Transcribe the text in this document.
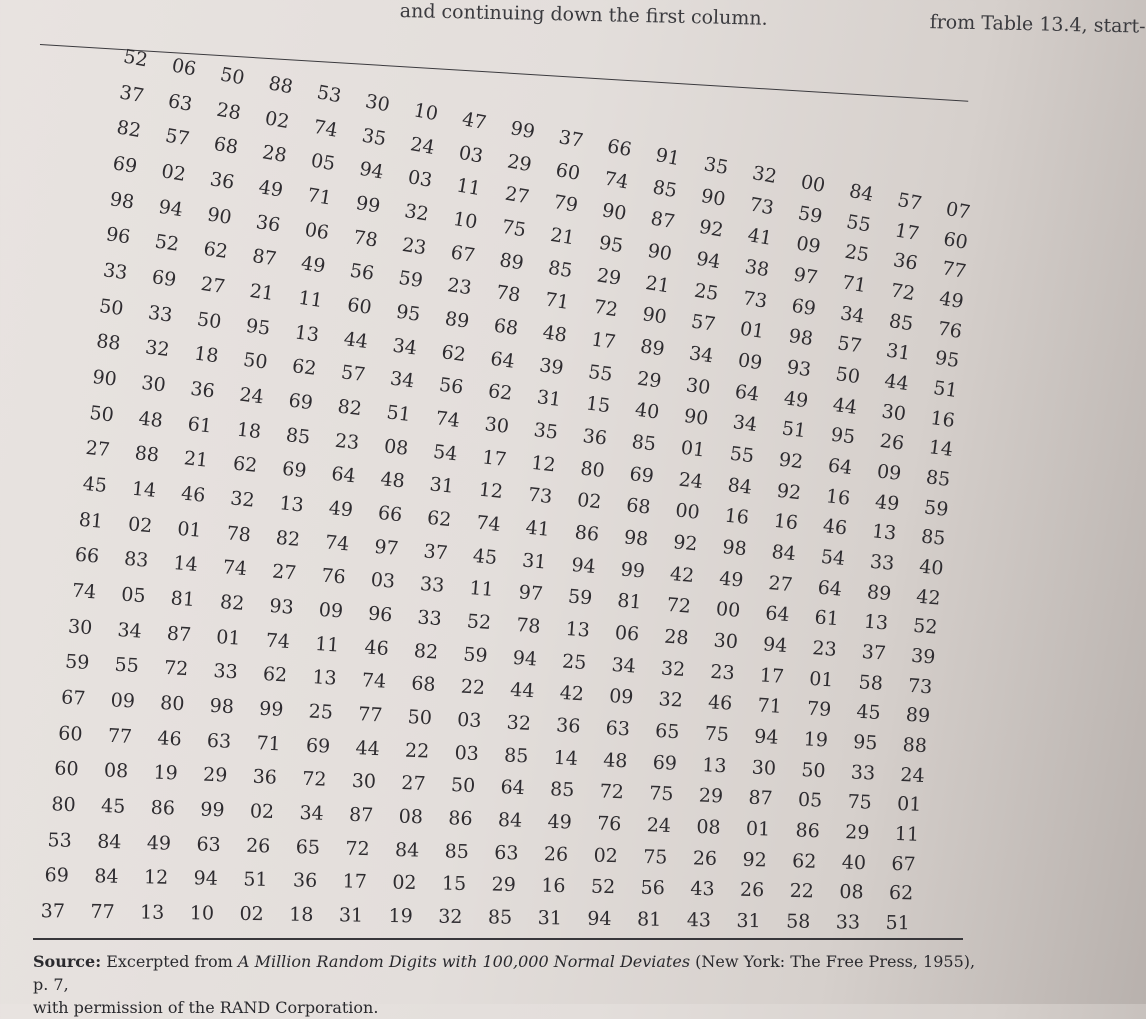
and continuing down the first column.	from Table 13.4, start-
52	06	50	88	53	30	10	47	99	37	66	91	35	32	00	84	57	07
37	63	28	02	74	35	24	03	29	60	74	85	90	73	59	55	17	60
82	57	68	28	05	94	03	11	27	79	90	87	92	41	09	25	36	77
69	02	36	49	71	99	32	10	75	21	95	90	94	38	97	71	72	49
98	94	90	36	06	78	23	67	89	85	29	21	25	73	69	34	85	76
96	52	62	87	49	56	59	23	78	71	72	90	57	01	98	57	31	95
33	69	27	21	11	60	95	89	68	48	17	89	34	09	93	50	44	51
50	33	50	95	13	44	34	62	64	39	55	29	30	64	49	44	30	16
88	32	18	50	62	57	34	56	62	31	15	40	90	34	51	95	26	14
90	30	36	24	69	82	51	74	30	35	36	85	01	55	92	64	09	85
50	48	61	18	85	23	08	54	17	12	80	69	24	84	92	16	49	59
27	88	21	62	69	64	48	31	12	73	02	68	00	16	16	46	13	85
45	14	46	32	13	49	66	62	74	41	86	98	92	98	84	54	33	40
81	02	01	78	82	74	97	37	45	31	94	99	42	49	27	64	89	42
66	83	14	74	27	76	03	33	11	97	59	81	72	00	64	61	13	52
74	05	81	82	93	09	96	33	52	78	13	06	28	30	94	23	37	39
30	34	87	01	74	11	46	82	59	94	25	34	32	23	17	01	58	73
59	55	72	33	62	13	74	68	22	44	42	09	32	46	71	79	45	89
67	09	80	98	99	25	77	50	03	32	36	63	65	75	94	19	95	88
60	77	46	63	71	69	44	22	03	85	14	48	69	13	30	50	33	24
60	08	19	29	36	72	30	27	50	64	85	72	75	29	87	05	75	01
80	45	86	99	02	34	87	08	86	84	49	76	24	08	01	86	29	11
53	84	49	63	26	65	72	84	85	63	26	02	75	26	92	62	40	67
69	84	12	94	51	36	17	02	15	29	16	52	56	43	26	22	08	62
37	77	13	10	02	18	31	19	32	85	31	94	81	43	31	58	33	51
Source: Excerpted from A Million Random Digits with 100,000 Normal Deviates (New York: The Free Press, 1955), p. 7,
with permission of the RAND Corporation.
